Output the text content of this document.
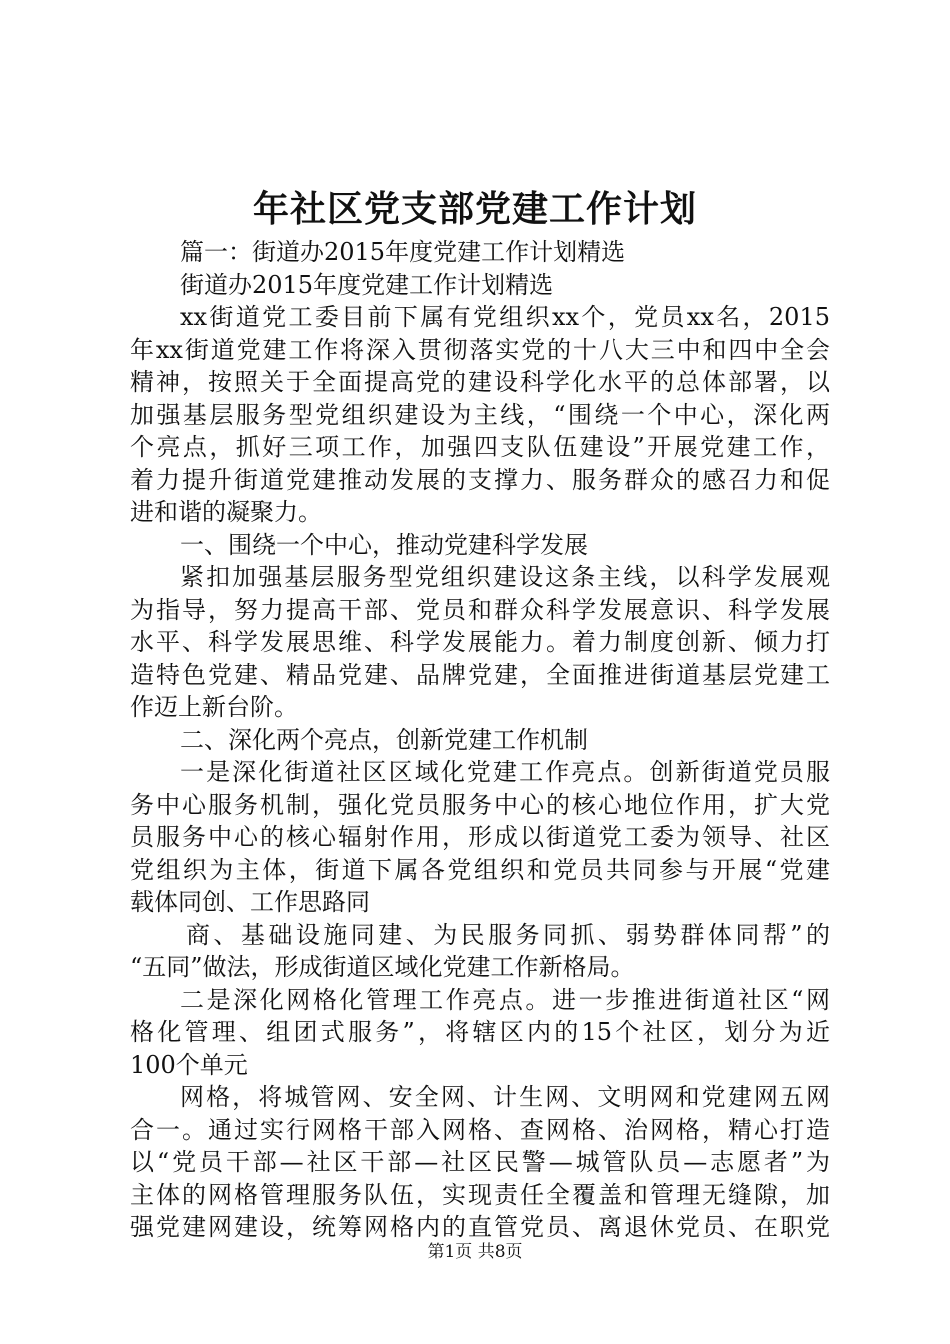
年社区党支部党建工作计划
篇一：街道办2015年度党建工作计划精选
街道办2015年度党建工作计划精选
xx街道党工委目前下属有党组织xx个，党员xx名，2015
年xx街道党建工作将深入贯彻落实党的十八大三中和四中全会
精神，按照关于全面提高党的建设科学化水平的总体部署，以
加强基层服务型党组织建设为主线，“围绕一个中心，深化两
个亮点，抓好三项工作，加强四支队伍建设”开展党建工作，
着力提升街道党建推动发展的支撑力、服务群众的感召力和促
进和谐的凝聚力。
一、围绕一个中心，推动党建科学发展
紧扣加强基层服务型党组织建设这条主线，以科学发展观
为指导，努力提高干部、党员和群众科学发展意识、科学发展
水平、科学发展思维、科学发展能力。着力制度创新、倾力打
造特色党建、精品党建、品牌党建，全面推进街道基层党建工
作迈上新台阶。
二、深化两个亮点，创新党建工作机制
一是深化街道社区区域化党建工作亮点。创新街道党员服
务中心服务机制，强化党员服务中心的核心地位作用，扩大党
员服务中心的核心辐射作用，形成以街道党工委为领导、社区
党组织为主体，街道下属各党组织和党员共同参与开展“党建
载体同创、工作思路同
商、基础设施同建、为民服务同抓、弱势群体同帮”的
“五同”做法，形成街道区域化党建工作新格局。
二是深化网格化管理工作亮点。进一步推进街道社区“网
格化管理、组团式服务”，将辖区内的15个社区，划分为近
100个单元
网格，将城管网、安全网、计生网、文明网和党建网五网
合一。通过实行网格干部入网格、查网格、治网格，精心打造
以“党员干部—社区干部—社区民警—城管队员—志愿者”为
主体的网格管理服务队伍，实现责任全覆盖和管理无缝隙，加
强党建网建设，统筹网格内的直管党员、离退休党员、在职党
第1页 共8页
